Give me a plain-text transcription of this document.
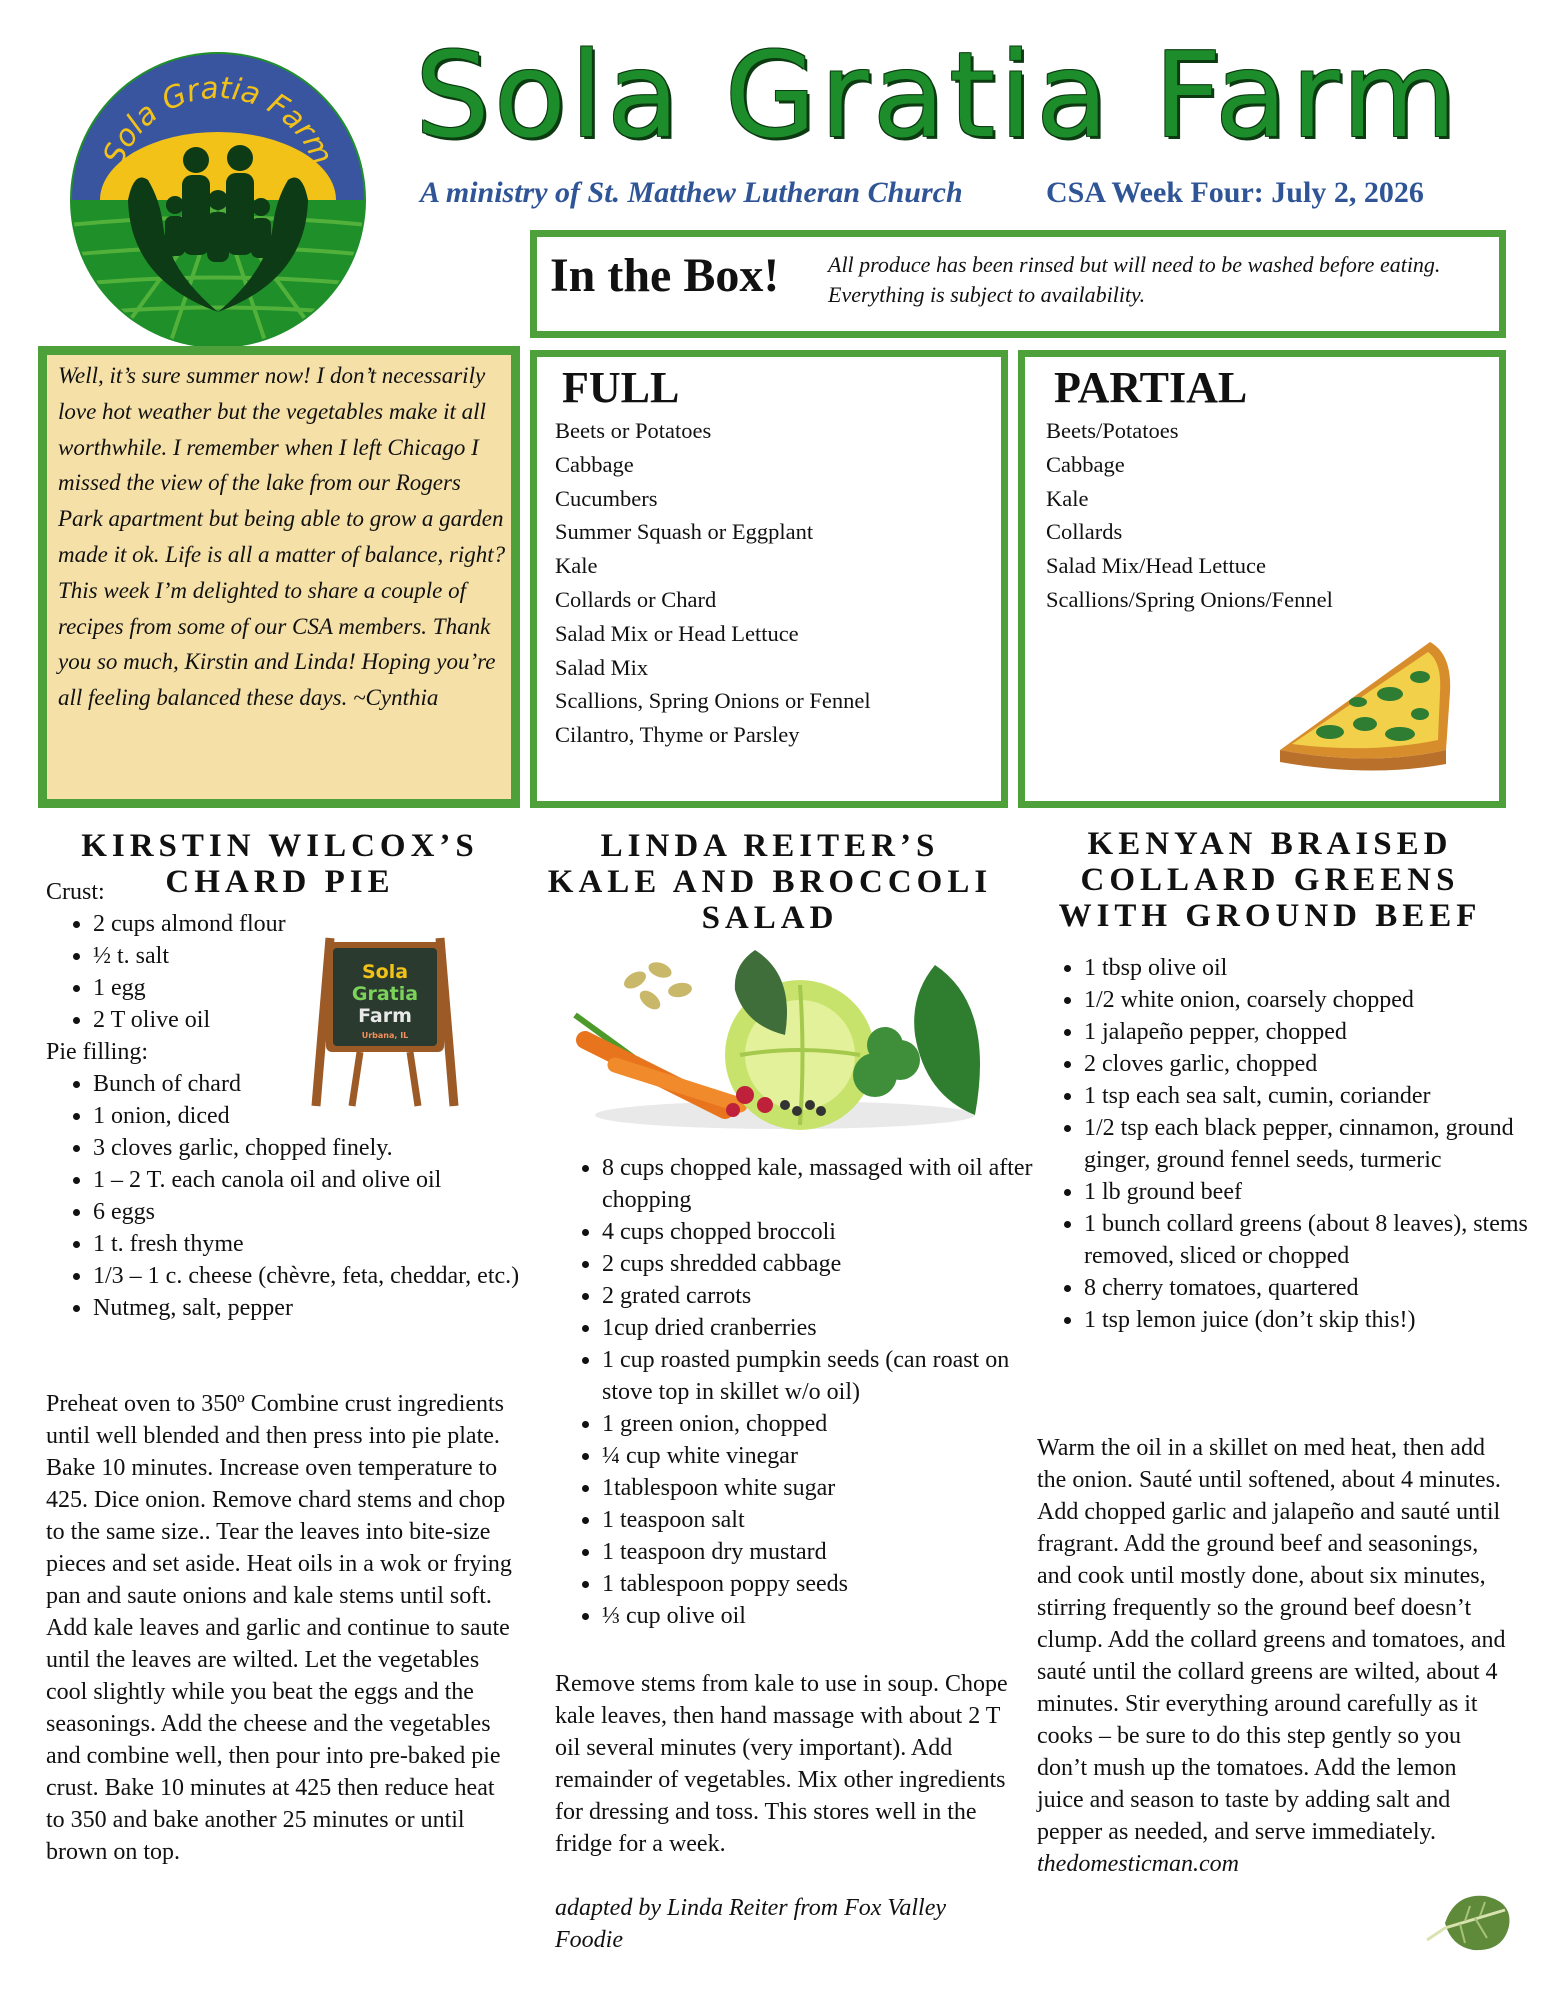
Sola Gratia Farm Sola Gratia Farm
A ministry of St. Matthew Lutheran Church	CSA Week Four: July 2, 2026
In the Box! All produce has been rinsed but will need to be washed before eating. Everything is subject to availability.
Well, it’s sure summer now! I don’t necessarily love hot weather but the vegetables make it all worthwhile. I remember when I left Chicago I missed the view of the lake from our Rogers Park apartment but being able to grow a garden made it ok. Life is all a matter of balance, right? This week I’m delighted to share a couple of recipes from some of our CSA members. Thank you so much, Kirstin and Linda! Hoping you’re all feeling balanced these days. ~Cynthia
FULL
Beets or Potatoes
Cabbage
Cucumbers
Summer Squash or Eggplant
Kale
Collards or Chard
Salad Mix or Head Lettuce
Salad Mix
Scallions, Spring Onions or Fennel
Cilantro, Thyme or Parsley
PARTIAL
Beets/Potatoes
Cabbage
Kale
Collards
Salad Mix/Head Lettuce
Scallions/Spring Onions/Fennel
KIRSTIN WILCOX’S
CHARD PIE
Crust:
• 2 cups almond flour
• ½ t. salt
• 1 egg
• 2 T olive oil
Pie filling:
• Bunch of chard
• 1 onion, diced
• 3 cloves garlic, chopped finely.
• 1 – 2 T. each canola oil and olive oil
• 6 eggs
• 1 t. fresh thyme
• 1/3 – 1 c. cheese (chèvre, feta, cheddar, etc.)
• Nutmeg, salt, pepper
Preheat oven to 350º Combine crust ingredients until well blended and then press into pie plate. Bake 10 minutes. Increase oven temperature to 425. Dice onion. Remove chard stems and chop to the same size.. Tear the leaves into bite-size pieces and set aside. Heat oils in a wok or frying pan and saute onions and kale stems until soft. Add kale leaves and garlic and continue to saute until the leaves are wilted. Let the vegetables cool slightly while you beat the eggs and the seasonings. Add the cheese and the vegetables and combine well, then pour into pre-baked pie crust. Bake 10 minutes at 425 then reduce heat to 350 and bake another 25 minutes or until brown on top.
Sola
Gratia
Farm
Urbana, IL
LINDA REITER’S
KALE AND BROCCOLI
SALAD
• 8 cups chopped kale, massaged with oil after chopping
• 4 cups chopped broccoli
• 2 cups shredded cabbage
• 2 grated carrots
• 1cup dried cranberries
• 1 cup roasted pumpkin seeds (can roast on stove top in skillet w/o oil)
• 1 green onion, chopped
• ¼ cup white vinegar
• 1tablespoon white sugar
• 1 teaspoon salt
• 1 teaspoon dry mustard
• 1 tablespoon poppy seeds
• ⅓ cup olive oil
Remove stems from kale to use in soup. Chope kale leaves, then hand massage with about 2 T oil several minutes (very important). Add remainder of vegetables. Mix other ingredients for dressing and toss. This stores well in the fridge for a week.
adapted by Linda Reiter from Fox Valley Foodie
KENYAN BRAISED
COLLARD GREENS
WITH GROUND BEEF
• 1 tbsp olive oil
• 1/2 white onion, coarsely chopped
• 1 jalapeño pepper, chopped
• 2 cloves garlic, chopped
• 1 tsp each sea salt, cumin, coriander
• 1/2 tsp each black pepper, cinnamon, ground ginger, ground fennel seeds, turmeric
• 1 lb ground beef
• 1 bunch collard greens (about 8 leaves), stems removed, sliced or chopped
• 8 cherry tomatoes, quartered
• 1 tsp lemon juice (don’t skip this!)
Warm the oil in a skillet on med heat, then add the onion. Sauté until softened, about 4 minutes. Add chopped garlic and jalapeño and sauté until fragrant. Add the ground beef and seasonings, and cook until mostly done, about six minutes, stirring frequently so the ground beef doesn’t clump. Add the collard greens and tomatoes, and sauté until the collard greens are wilted, about 4 minutes. Stir everything around carefully as it cooks – be sure to do this step gently so you don’t mush up the tomatoes. Add the lemon juice and season to taste by adding salt and pepper as needed, and serve immediately. thedomesticman.com
